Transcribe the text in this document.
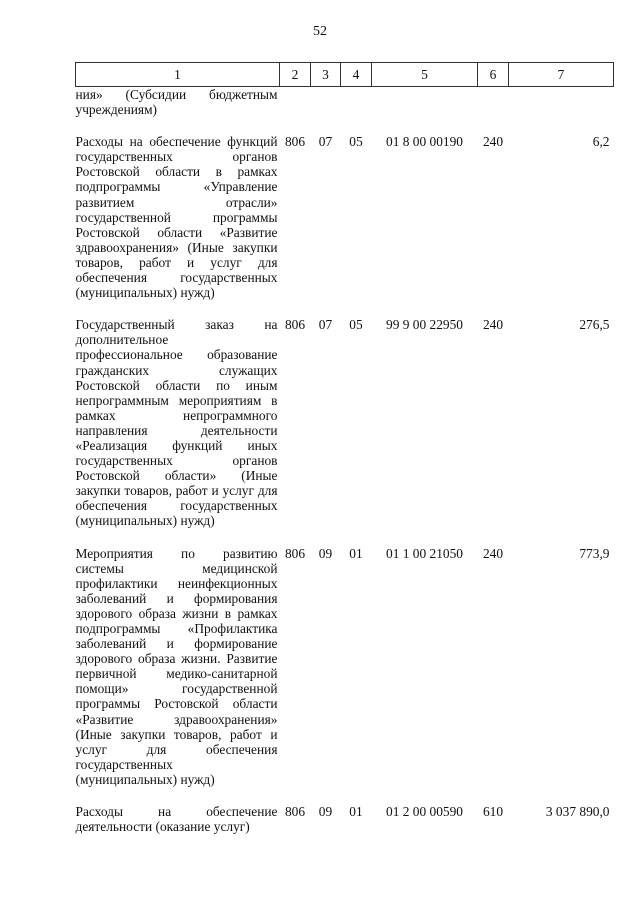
52
1	2	3	4	5	6	7
ния» (Субсидии бюджетным учреждениям)						

Расходы на обеспечение функций государственных органов Ростовской области в рамках подпрограммы «Управление развитием отрасли» государственной программы Ростовской области «Развитие здравоохранения» (Иные закупки товаров, работ и услуг для обеспечения государственных (муниципальных) нужд)	806	07	05	01 8 00 00190	240	6,2

Государственный заказ на дополнительное профессиональное образование гражданских служащих Ростовской области по иным непрограммным мероприятиям в рамках непрограммного направления деятельности «Реализация функций иных государственных органов Ростовской области» (Иные закупки товаров, работ и услуг для обеспечения государственных (муниципальных) нужд)	806	07	05	99 9 00 22950	240	276,5

Мероприятия по развитию системы медицинской профилактики неинфекционных заболеваний и формирования здорового образа жизни в рамках подпрограммы «Профилактика заболеваний и формирование здорового образа жизни. Развитие первичной медико-санитарной помощи» государственной программы Ростовской области «Развитие здравоохранения» (Иные закупки товаров, работ и услуг для обеспечения государственных (муниципальных) нужд)	806	09	01	01 1 00 21050	240	773,9

Расходы на обеспечение деятельности (оказание услуг)	806	09	01	01 2 00 00590	610	3 037 890,0
